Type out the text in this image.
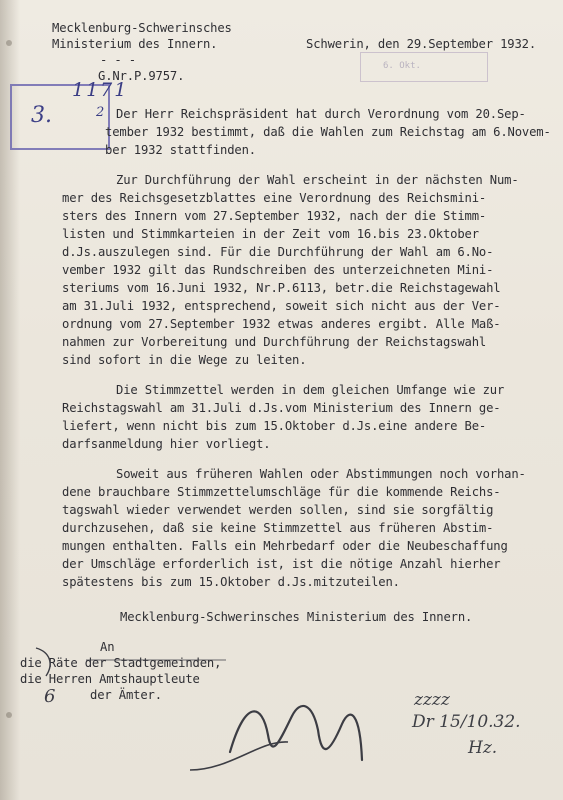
Mecklenburg-Schwerinsches
Ministerium des Innern.	Schwerin, den 29.September 1932.
- - -
G.Nr.P.9757.
6. Okt.
3.
1171
2 Der Herr Reichspräsident hat durch Verordnung vom 20.Sep-
tember 1932 bestimmt, daß die Wahlen zum Reichstag am 6.Novem-
ber 1932 stattfinden.
Zur Durchführung der Wahl erscheint in der nächsten Num-
mer des Reichsgesetzblattes eine Verordnung des Reichsmini-
sters des Innern vom 27.September 1932, nach der die Stimm-
listen und Stimmkarteien in der Zeit vom 16.bis 23.Oktober
d.Js.auszulegen sind. Für die Durchführung der Wahl am 6.No-
vember 1932 gilt das Rundschreiben des unterzeichneten Mini-
steriums vom 16.Juni 1932, Nr.P.6113, betr.die Reichstagewahl
am 31.Juli 1932, entsprechend, soweit sich nicht aus der Ver-
ordnung vom 27.September 1932 etwas anderes ergibt. Alle Maß-
nahmen zur Vorbereitung und Durchführung der Reichstagswahl
sind sofort in die Wege zu leiten.
Die Stimmzettel werden in dem gleichen Umfange wie zur
Reichstagswahl am 31.Juli d.Js.vom Ministerium des Innern ge-
liefert, wenn nicht bis zum 15.Oktober d.Js.eine andere Be-
darfsanmeldung hier vorliegt.
Soweit aus früheren Wahlen oder Abstimmungen noch vorhan-
dene brauchbare Stimmzettelumschläge für die kommende Reichs-
tagswahl wieder verwendet werden sollen, sind sie sorgfältig
durchzusehen, daß sie keine Stimmzettel aus früheren Abstim-
mungen enthalten. Falls ein Mehrbedarf oder die Neubeschaffung
der Umschläge erforderlich ist, ist die nötige Anzahl hierher
spätestens bis zum 15.Oktober d.Js.mitzuteilen.
Mecklenburg-Schwerinsches Ministerium des Innern.
An
die Räte der Stadtgemeinden,
die Herren Amtshauptleute
der Ämter.
6	zzzz
Dr 15/10.32.
Hz.
